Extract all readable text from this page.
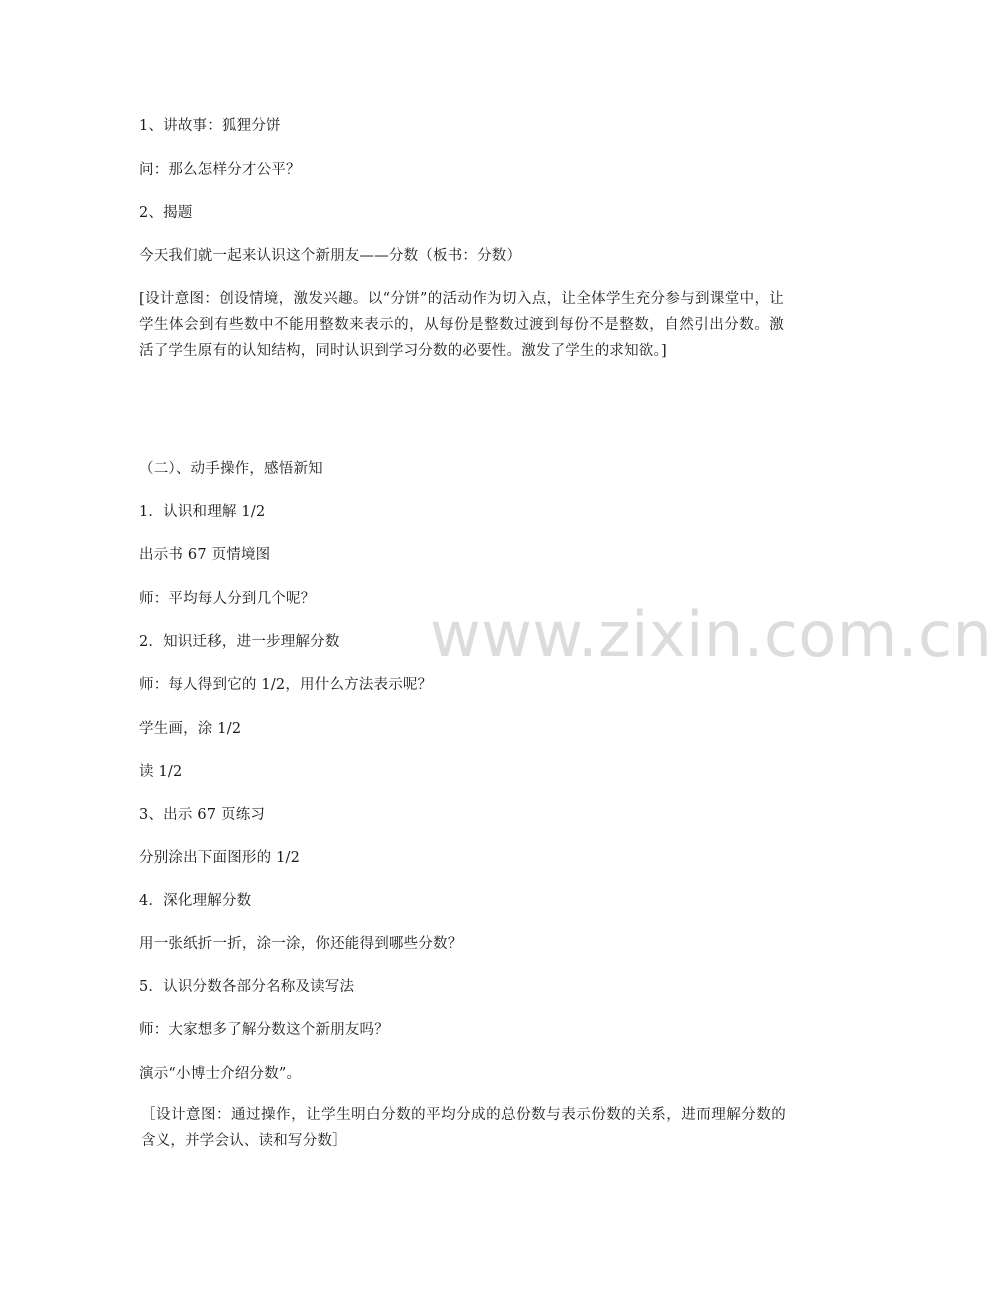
www.zixin.com.cn
1、讲故事：狐狸分饼
问：那么怎样分才公平？
2、揭题
今天我们就一起来认识这个新朋友——分数（板书：分数）
[设计意图：创设情境，激发兴趣。以“分饼”的活动作为切入点，让全体学生充分参与到课堂中，让学生体会到有些数中不能用整数来表示的，从每份是整数过渡到每份不是整数，自然引出分数。激活了学生原有的认知结构，同时认识到学习分数的必要性。激发了学生的求知欲。]
（二）、动手操作，感悟新知
1．认识和理解 1/2
出示书 67 页情境图
师：平均每人分到几个呢？
2．知识迁移，进一步理解分数
师：每人得到它的 1/2，用什么方法表示呢？
学生画，涂 1/2
读 1/2
3、出示 67 页练习
分别涂出下面图形的 1/2
4．深化理解分数
用一张纸折一折，涂一涂，你还能得到哪些分数？
5．认识分数各部分名称及读写法
师：大家想多了解分数这个新朋友吗？
演示“小博士介绍分数”。
［设计意图：通过操作，让学生明白分数的平均分成的总份数与表示份数的关系，进而理解分数的含义，并学会认、读和写分数］
